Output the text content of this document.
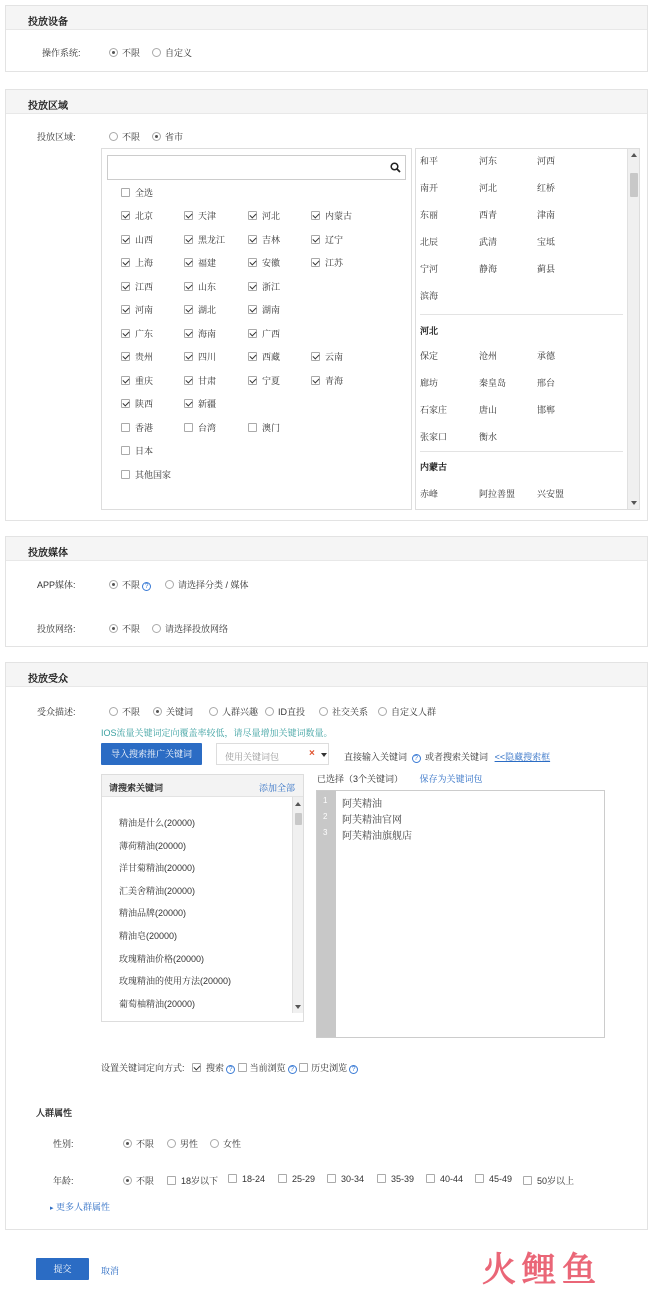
投放设备
操作系统:	不限	自定义
投放区域
投放区域:	不限	省市
全选
北京	天津	河北	内蒙古
山西	黑龙江	吉林	辽宁
上海	福建	安徽	江苏
江西	山东	浙江
河南	湖北	湖南
广东	海南	广西
贵州	四川	西藏	云南
重庆	甘肃	宁夏	青海
陕西	新疆
香港	台湾	澳门
日本
其他国家
和平	河东	河西
南开	河北	红桥
东丽	西青	津南
北辰	武清	宝坻
宁河	静海	蓟县
滨海
河北
保定	沧州	承德
廊坊	秦皇岛	邢台
石家庄	唐山	邯郸
张家口	衡水
内蒙古
赤峰	阿拉善盟 兴安盟
投放媒体
APP媒体:	不限 ?	请选择分类 / 媒体
投放网络:	不限	请选择投放网络
投放受众
受众描述:	不限	关键词	人群兴趣	ID直投	社交关系	自定义人群
IOS流量关键词定向覆盖率较低，请尽量增加关键词数量。
导入搜索推广关键词	使用关键词包	×	直接输入关键词 ? 或者搜索关键词 <<隐藏搜索框
请搜索关键词	添加全部
精油是什么(20000)
薄荷精油(20000)
洋甘菊精油(20000)
汇美舍精油(20000)
精油品牌(20000)
精油皂(20000)
玫瑰精油价格(20000)
玫瑰精油的使用方法(20000)
葡萄柚精油(20000)
已选择（3个关键词） 保存为关键词包
1 阿芙精油
2 阿芙精油官网
3 阿芙精油旗舰店
设置关键词定向方式: 搜索 ? 当前浏览 ? 历史浏览 ?
人群属性
性别:	不限	男性	女性
年龄:	不限	18岁以下	18-24	25-29	30-34	35-39	40-44	45-49	50岁以上
▸ 更多人群属性
提交	取消	火鲤鱼
